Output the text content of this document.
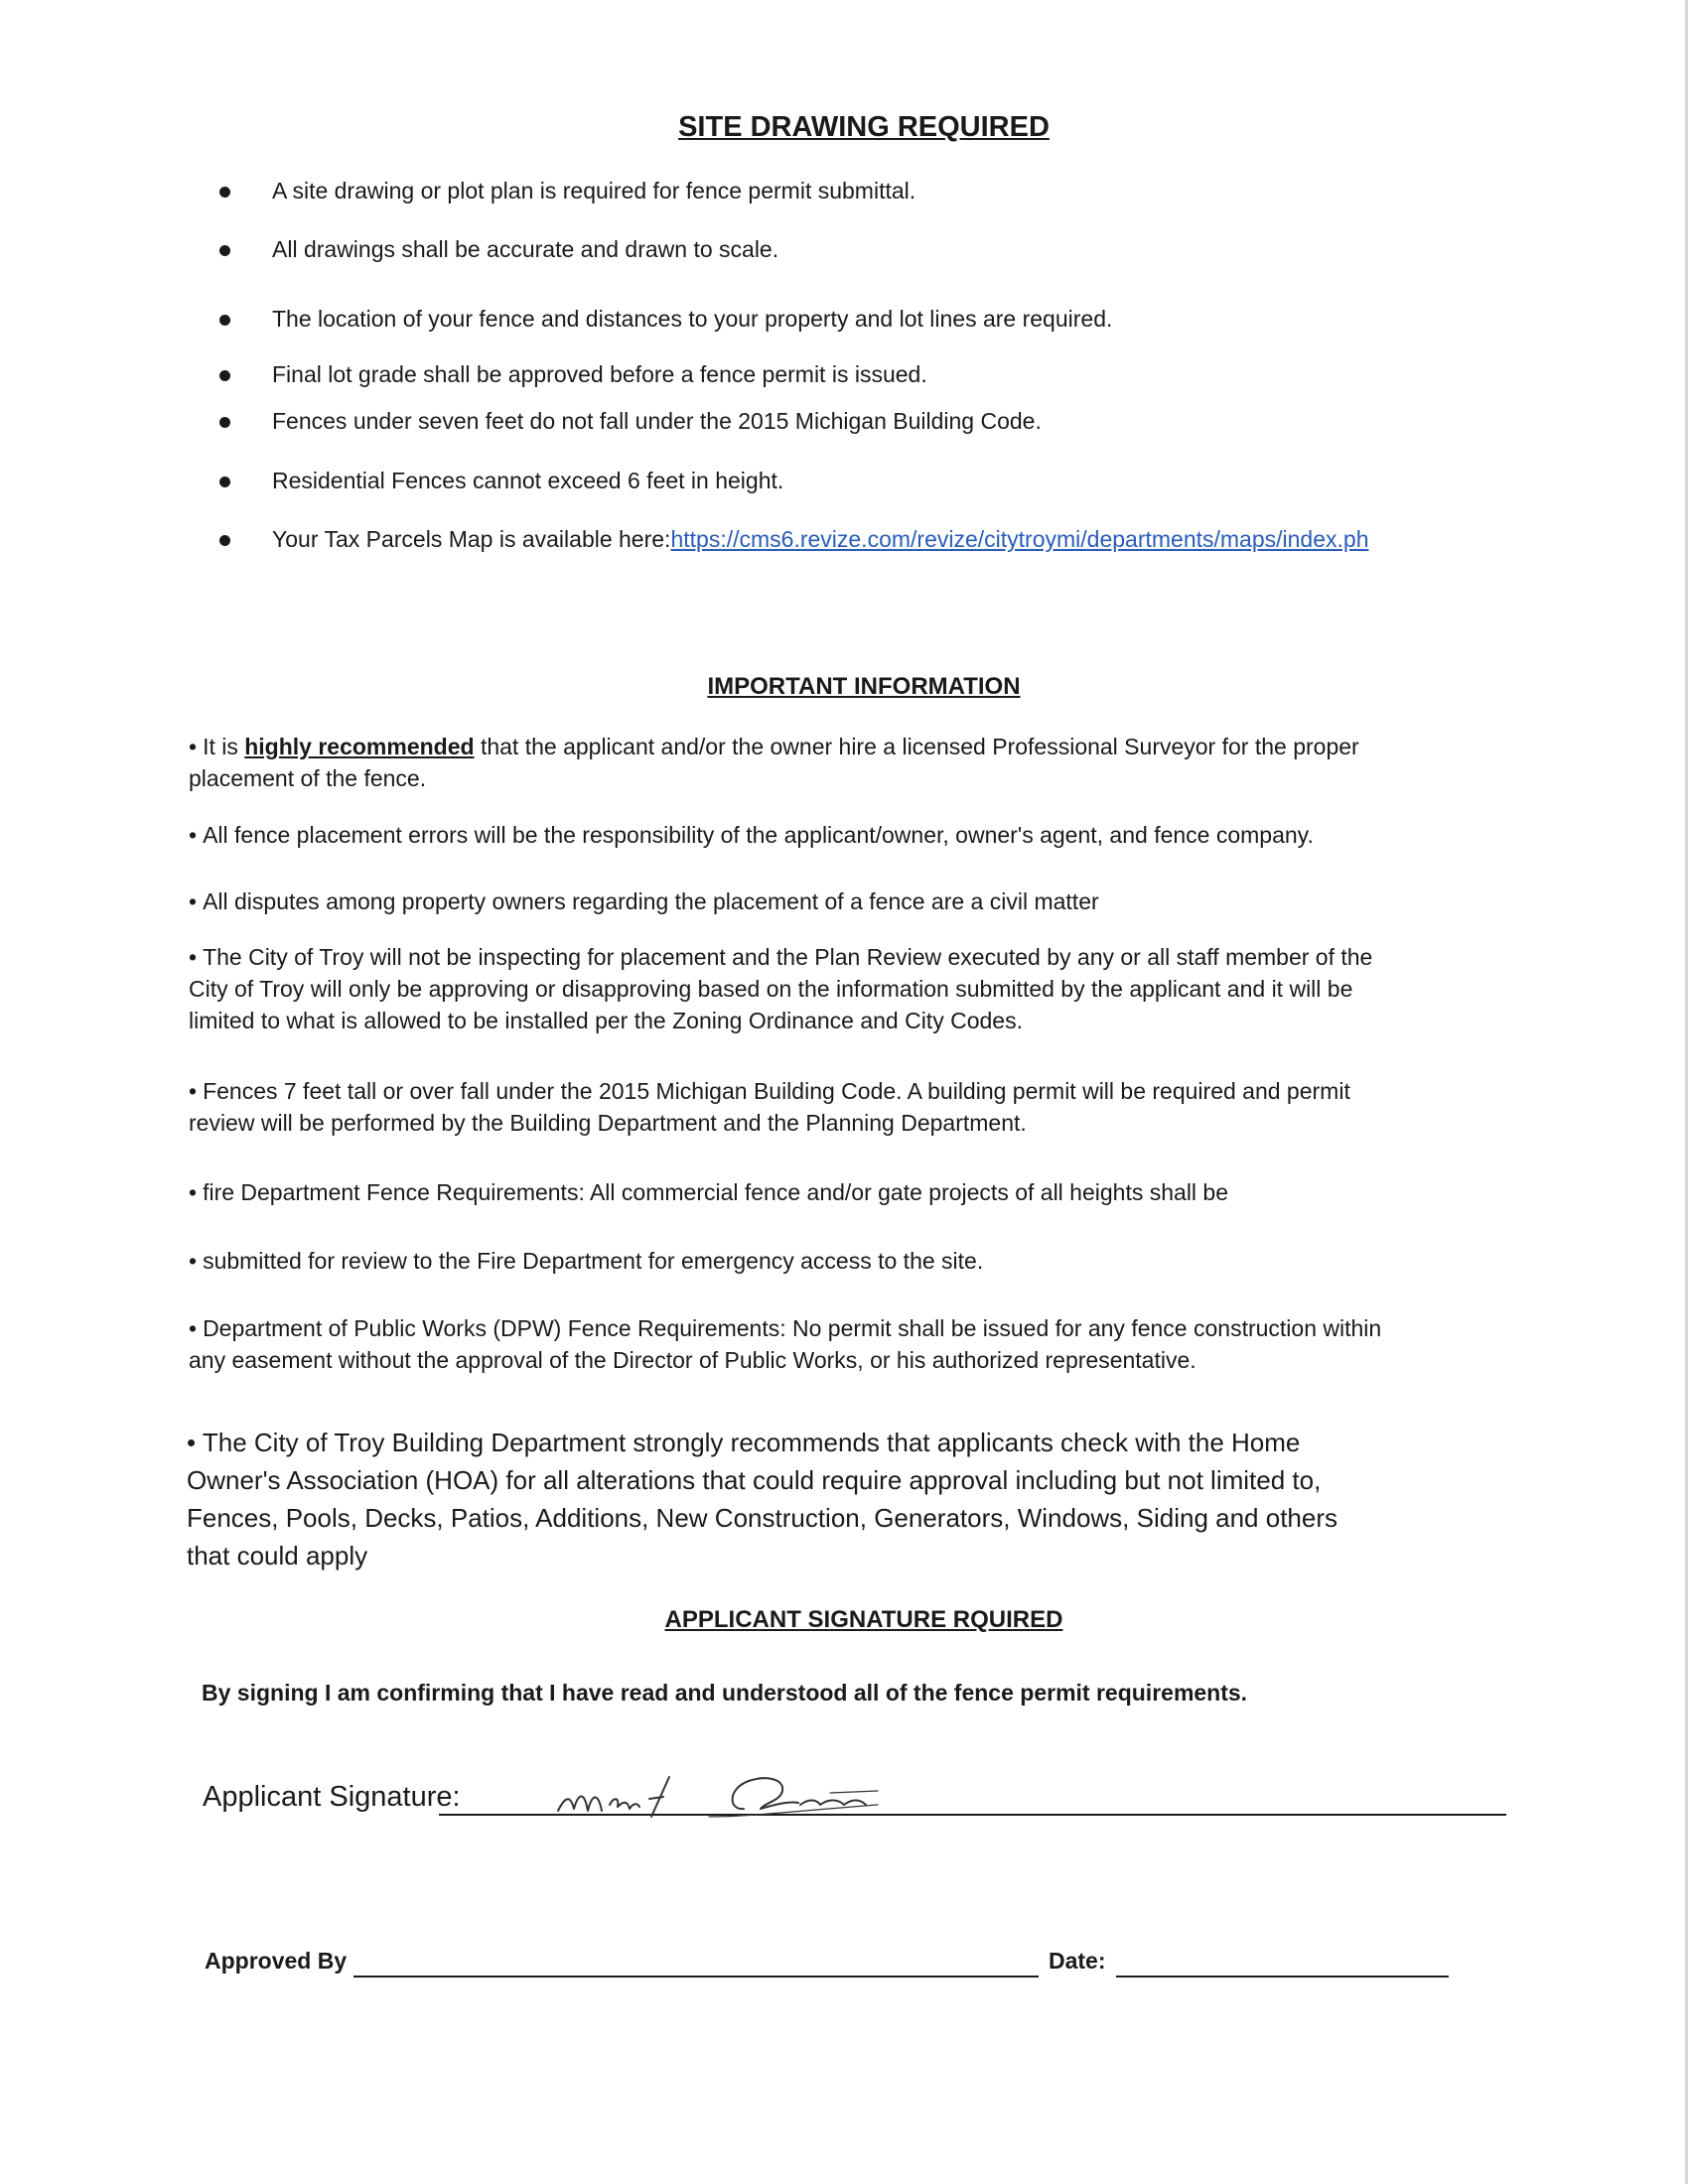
SITE DRAWING REQUIRED
A site drawing or plot plan is required for fence permit submittal.
All drawings shall be accurate and drawn to scale.
The location of your fence and distances to your property and lot lines are required.
Final lot grade shall be approved before a fence permit is issued.
Fences under seven feet do not fall under the 2015 Michigan Building Code.
Residential Fences cannot exceed 6 feet in height.
Your Tax Parcels Map is available here:https://cms6.revize.com/revize/citytroymi/departments/maps/index.ph
IMPORTANT INFORMATION

• It is highly recommended that the applicant and/or the owner hire a licensed Professional Surveyor for the proper placement of the fence.

• All fence placement errors will be the responsibility of the applicant/owner, owner's agent, and fence company.

• All disputes among property owners regarding the placement of a fence are a civil matter

• The City of Troy will not be inspecting for placement and the Plan Review executed by any or all staff member of the City of Troy will only be approving or disapproving based on the information submitted by the applicant and it will be limited to what is allowed to be installed per the Zoning Ordinance and City Codes.

• Fences 7 feet tall or over fall under the 2015 Michigan Building Code. A building permit will be required and permit review will be performed by the Building Department and the Planning Department.

• fire Department Fence Requirements: All commercial fence and/or gate projects of all heights shall be

• submitted for review to the Fire Department for emergency access to the site.

• Department of Public Works (DPW) Fence Requirements: No permit shall be issued for any fence construction within any easement without the approval of the Director of Public Works, or his authorized representative.

• The City of Troy Building Department strongly recommends that applicants check with the Home Owner's Association (HOA) for all alterations that could require approval including but not limited to, Fences, Pools, Decks, Patios, Additions, New Construction, Generators, Windows, Siding and others that could apply

APPLICANT SIGNATURE RQUIRED

By signing I am confirming that I have read and understood all of the fence permit requirements.

Applicant Signature:
Approved By	Date:
